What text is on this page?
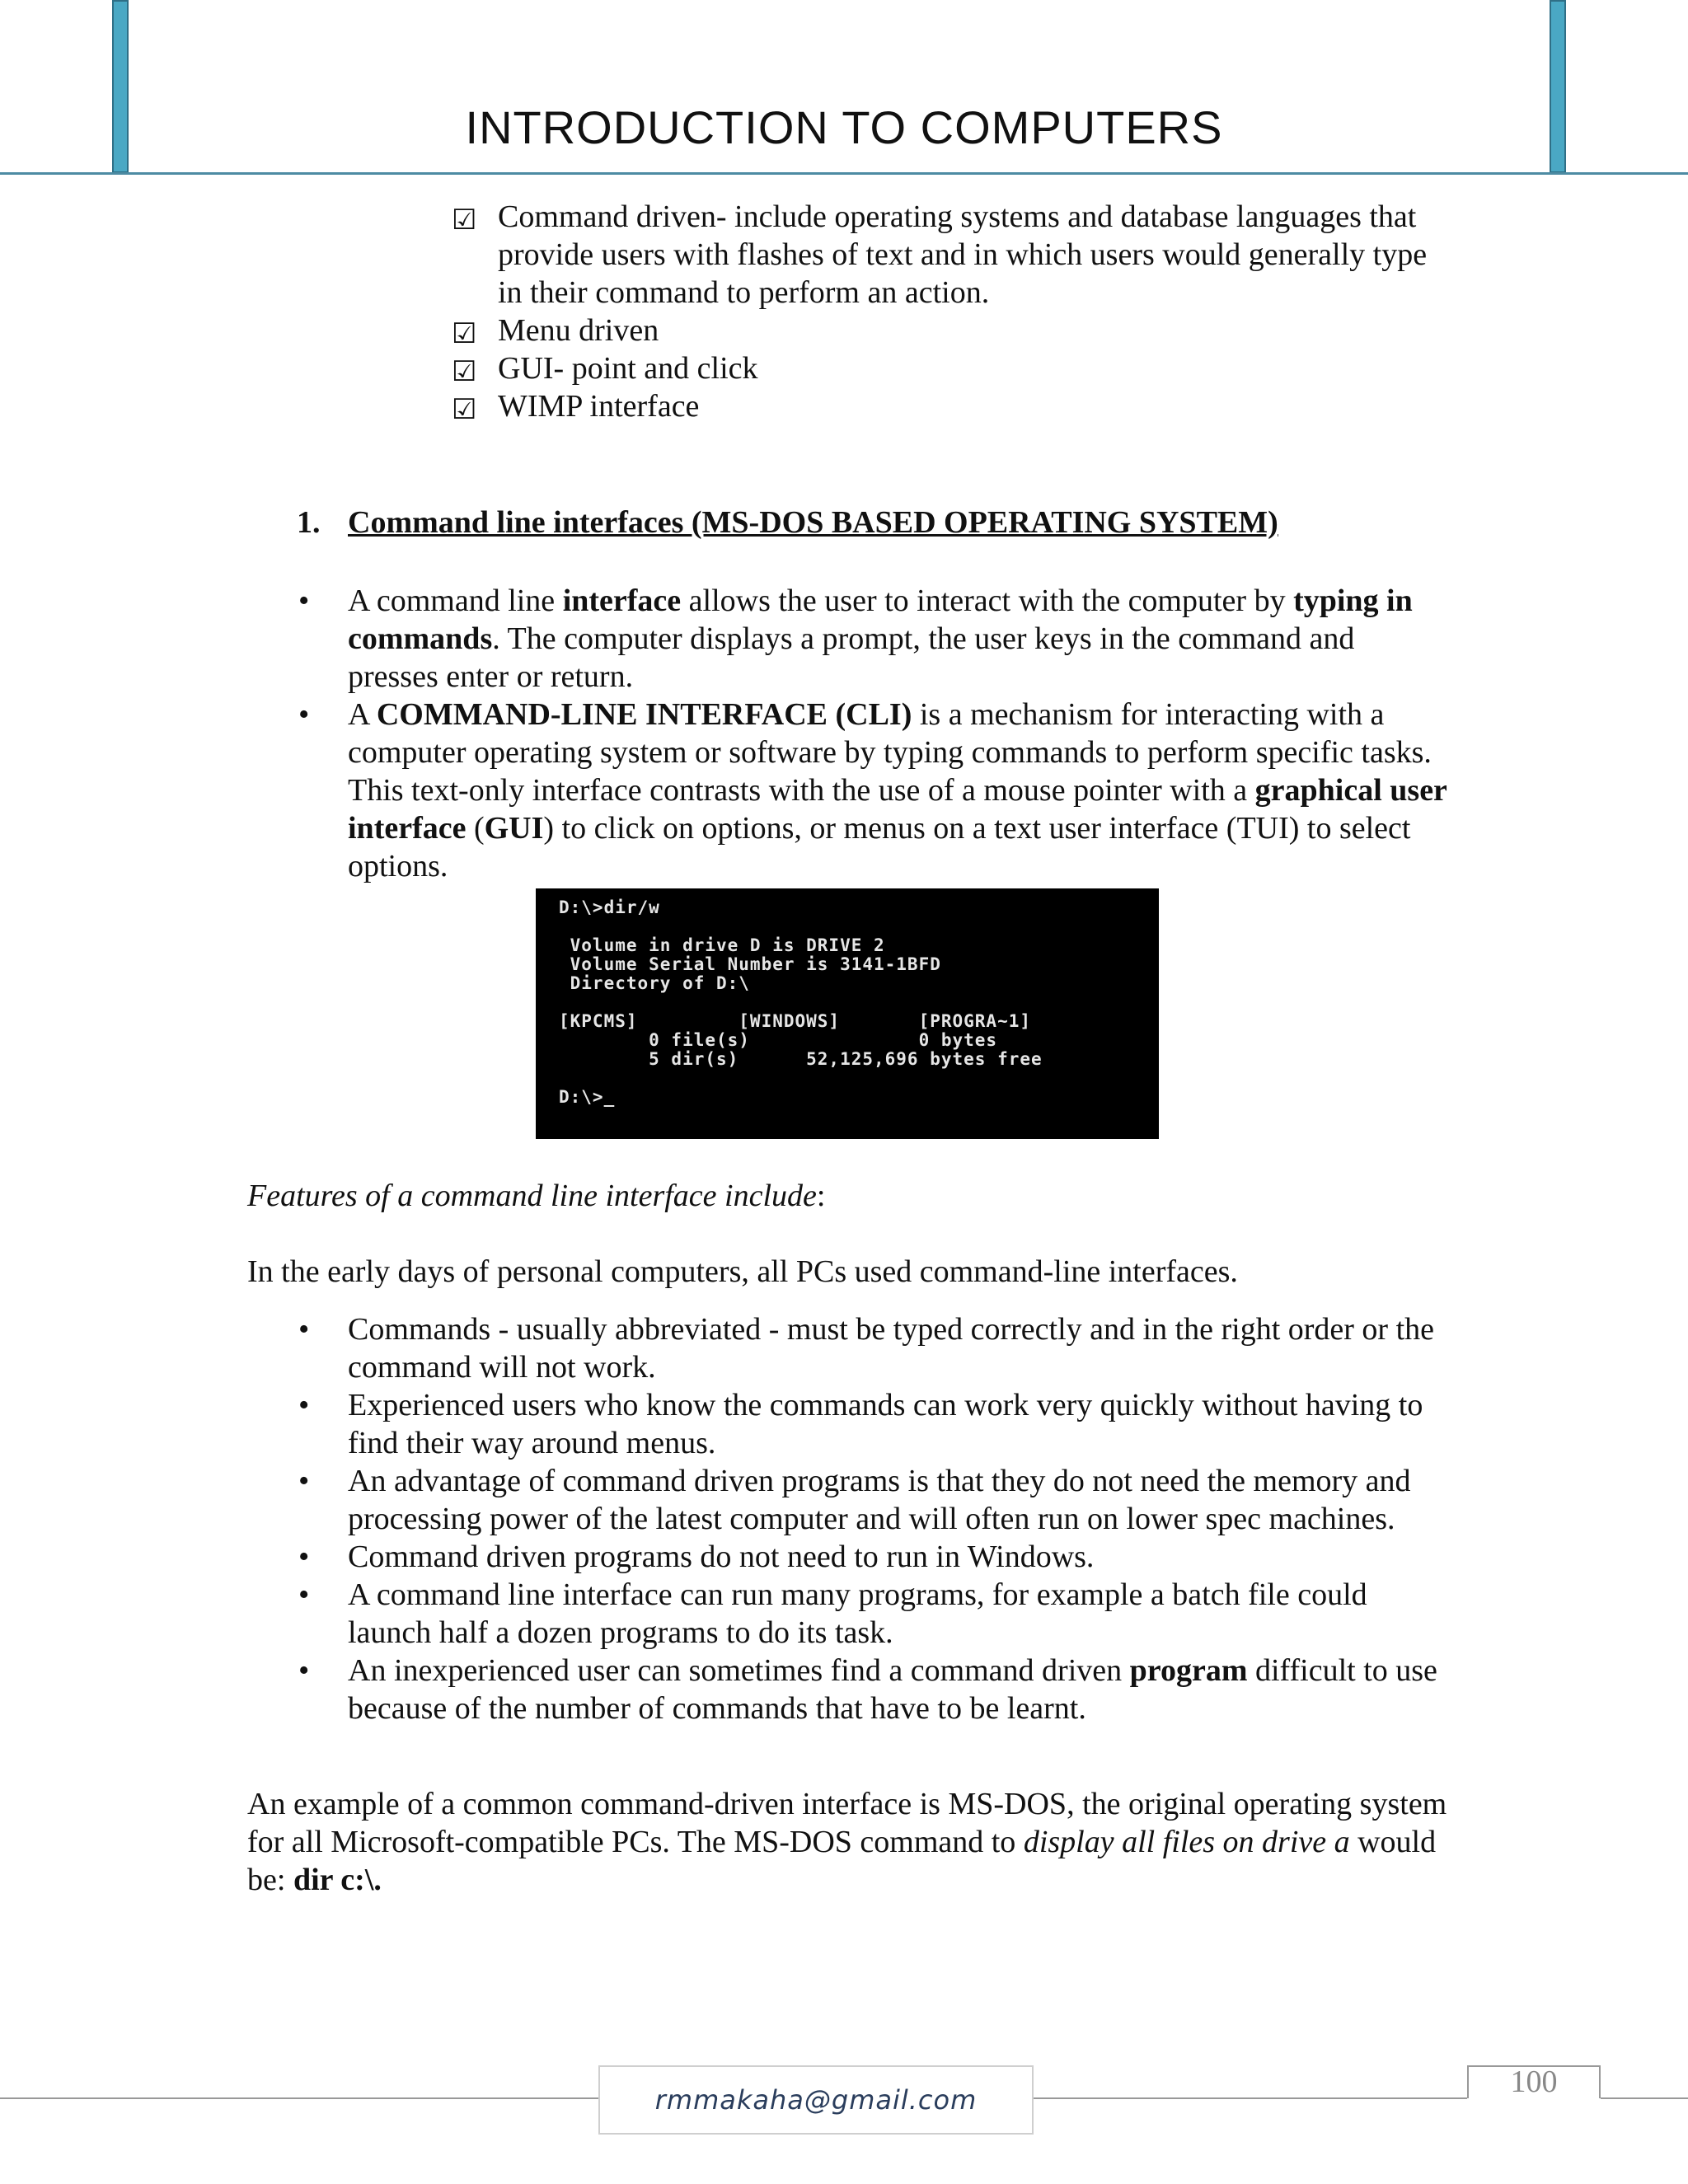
INTRODUCTION TO COMPUTERS
☑ Command driven- include operating systems and database languages that provide users with flashes of text and in which users would generally type in their command to perform an action.
☑ Menu driven
☑ GUI- point and click
☑ WIMP interface
1. Command line interfaces (MS-DOS BASED OPERATING SYSTEM)
• A command line interface allows the user to interact with the computer by typing in commands. The computer displays a prompt, the user keys in the command and presses enter or return.
• A COMMAND-LINE INTERFACE (CLI) is a mechanism for interacting with a computer operating system or software by typing commands to perform specific tasks. This text-only interface contrasts with the use of a mouse pointer with a graphical user interface (GUI) to click on options, or menus on a text user interface (TUI) to select options.
D:\>dir/w

Volume in drive D is DRIVE 2
Volume Serial Number is 3141-1BFD
Directory of D:\

[KPCMS]         [WINDOWS]       [PROGRA~1]
0 file(s)               0 bytes
5 dir(s)      52,125,696 bytes free

D:\>_

Features of a command line interface include:

In the early days of personal computers, all PCs used command-line interfaces.

• Commands - usually abbreviated - must be typed correctly and in the right order or the command will not work.
• Experienced users who know the commands can work very quickly without having to find their way around menus.
• An advantage of command driven programs is that they do not need the memory and processing power of the latest computer and will often run on lower spec machines.
• Command driven programs do not need to run in Windows.
• A command line interface can run many programs, for example a batch file could launch half a dozen programs to do its task.
• An inexperienced user can sometimes find a command driven program difficult to use because of the number of commands that have to be learnt.

An example of a common command-driven interface is MS-DOS, the original operating system for all Microsoft-compatible PCs. The MS-DOS command to display all files on drive a would be: dir c:\.

rmmakaha@gmail.com
100
